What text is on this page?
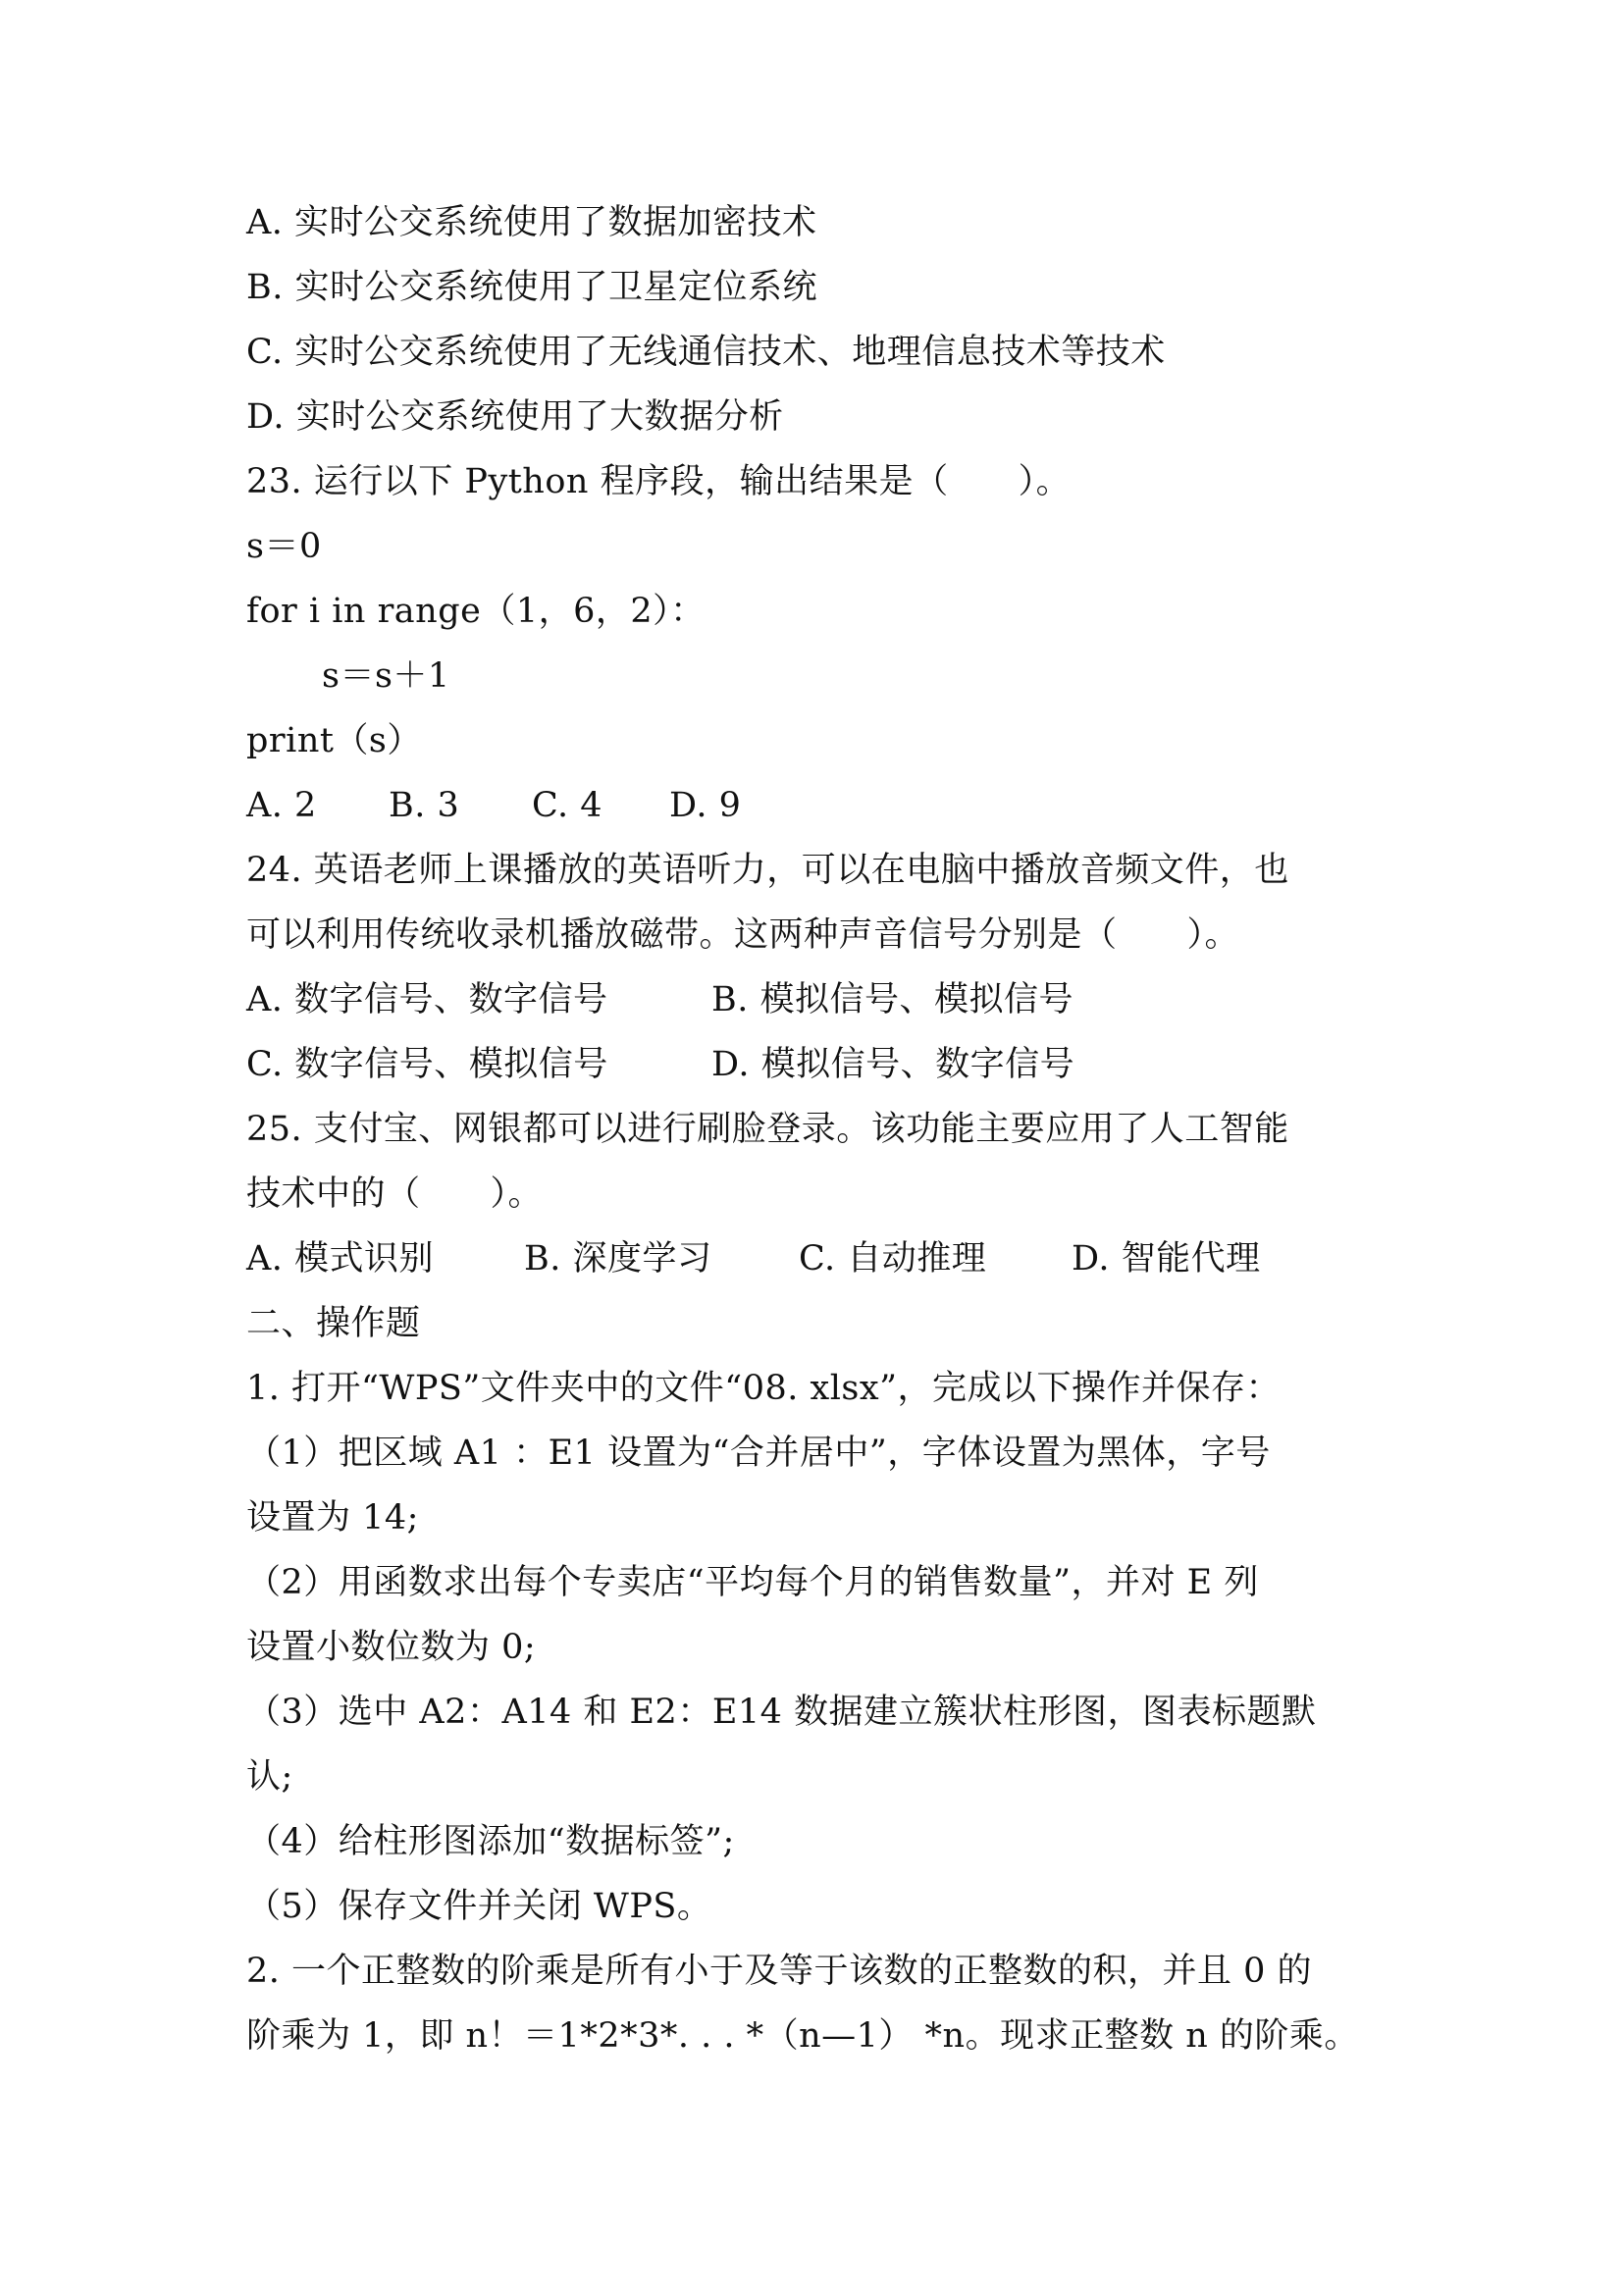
A. 实时公交系统使用了数据加密技术
B. 实时公交系统使用了卫星定位系统
C. 实时公交系统使用了无线通信技术、地理信息技术等技术
D. 实时公交系统使用了大数据分析
23. 运行以下 Python 程序段，输出结果是（　　）。
s＝0
for i in range（1，6，2）：
s＝s＋1
print（s）
A. 2 B. 3 C. 4 D. 9
24. 英语老师上课播放的英语听力，可以在电脑中播放音频文件，也
可以利用传统收录机播放磁带。这两种声音信号分别是（　　）。
A. 数字信号、数字信号	B. 模拟信号、模拟信号
C. 数字信号、模拟信号	D. 模拟信号、数字信号
25. 支付宝、网银都可以进行刷脸登录。该功能主要应用了人工智能
技术中的（　　）。
A. 模式识别	B. 深度学习	C. 自动推理 D. 智能代理
二、操作题
1. 打开“WPS”文件夹中的文件“08. xlsx”，完成以下操作并保存：
（1）把区域 A1 ：E1 设置为“合并居中”，字体设置为黑体，字号
设置为 14;
（2）用函数求出每个专卖店“平均每个月的销售数量”，并对 E 列
设置小数位数为 0;
（3）选中 A2：A14 和 E2：E14 数据建立簇状柱形图，图表标题默
认;
（4）给柱形图添加“数据标签”;
（5）保存文件并关闭 WPS。
2. 一个正整数的阶乘是所有小于及等于该数的正整数的积，并且 0 的
阶乘为 1，即 n！＝1*2*3*. . . *（n—1） *n。现求正整数 n 的阶乘。
